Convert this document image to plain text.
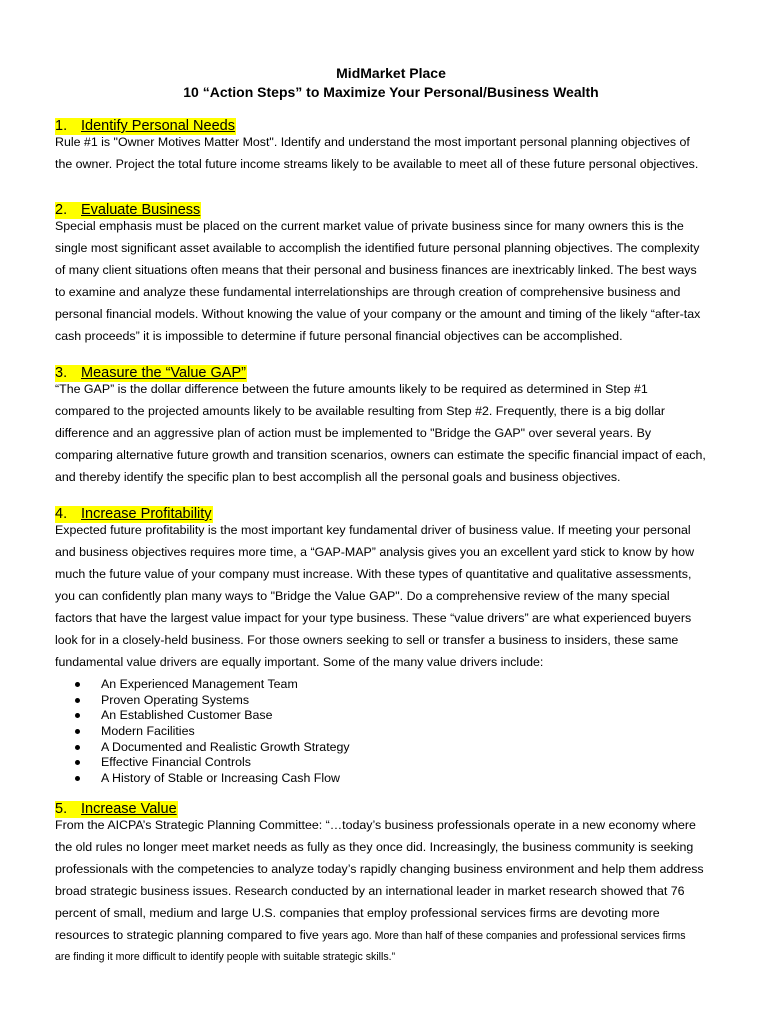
MidMarket Place
10 “Action Steps” to Maximize Your Personal/Business Wealth
1. Identify Personal Needs
Rule #1 is "Owner Motives Matter Most". Identify and understand the most important personal planning objectives of
the owner. Project the total future income streams likely to be available to meet all of these future personal objectives.
2. Evaluate Business
Special emphasis must be placed on the current market value of private business since for many owners this is the
single most significant asset available to accomplish the identified future personal planning objectives. The complexity
of many client situations often means that their personal and business finances are inextricably linked. The best ways
to examine and analyze these fundamental interrelationships are through creation of comprehensive business and
personal financial models. Without knowing the value of your company or the amount and timing of the likely “after-tax
cash proceeds” it is impossible to determine if future personal financial objectives can be accomplished.
3. Measure the “Value GAP”
“The GAP” is the dollar difference between the future amounts likely to be required as determined in Step #1
compared to the projected amounts likely to be available resulting from Step #2. Frequently, there is a big dollar
difference and an aggressive plan of action must be implemented to "Bridge the GAP" over several years. By
comparing alternative future growth and transition scenarios, owners can estimate the specific financial impact of each,
and thereby identify the specific plan to best accomplish all the personal goals and business objectives.
4. Increase Profitability
Expected future profitability is the most important key fundamental driver of business value. If meeting your personal
and business objectives requires more time, a “GAP-MAP” analysis gives you an excellent yard stick to know by how
much the future value of your company must increase. With these types of quantitative and qualitative assessments,
you can confidently plan many ways to "Bridge the Value GAP". Do a comprehensive review of the many special
factors that have the largest value impact for your type business. These “value drivers” are what experienced buyers
look for in a closely-held business. For those owners seeking to sell or transfer a business to insiders, these same
fundamental value drivers are equally important. Some of the many value drivers include:
An Experienced Management Team
Proven Operating Systems
An Established Customer Base
Modern Facilities
A Documented and Realistic Growth Strategy
Effective Financial Controls
A History of Stable or Increasing Cash Flow
5. Increase Value
From the AICPA’s Strategic Planning Committee: “…today’s business professionals operate in a new economy where
the old rules no longer meet market needs as fully as they once did. Increasingly, the business community is seeking
professionals with the competencies to analyze today’s rapidly changing business environment and help them address
broad strategic business issues. Research conducted by an international leader in market research showed that 76
percent of small, medium and large U.S. companies that employ professional services firms are devoting more
resources to strategic planning compared to five years ago. More than half of these companies and professional services firms
are finding it more difficult to identify people with suitable strategic skills.”
